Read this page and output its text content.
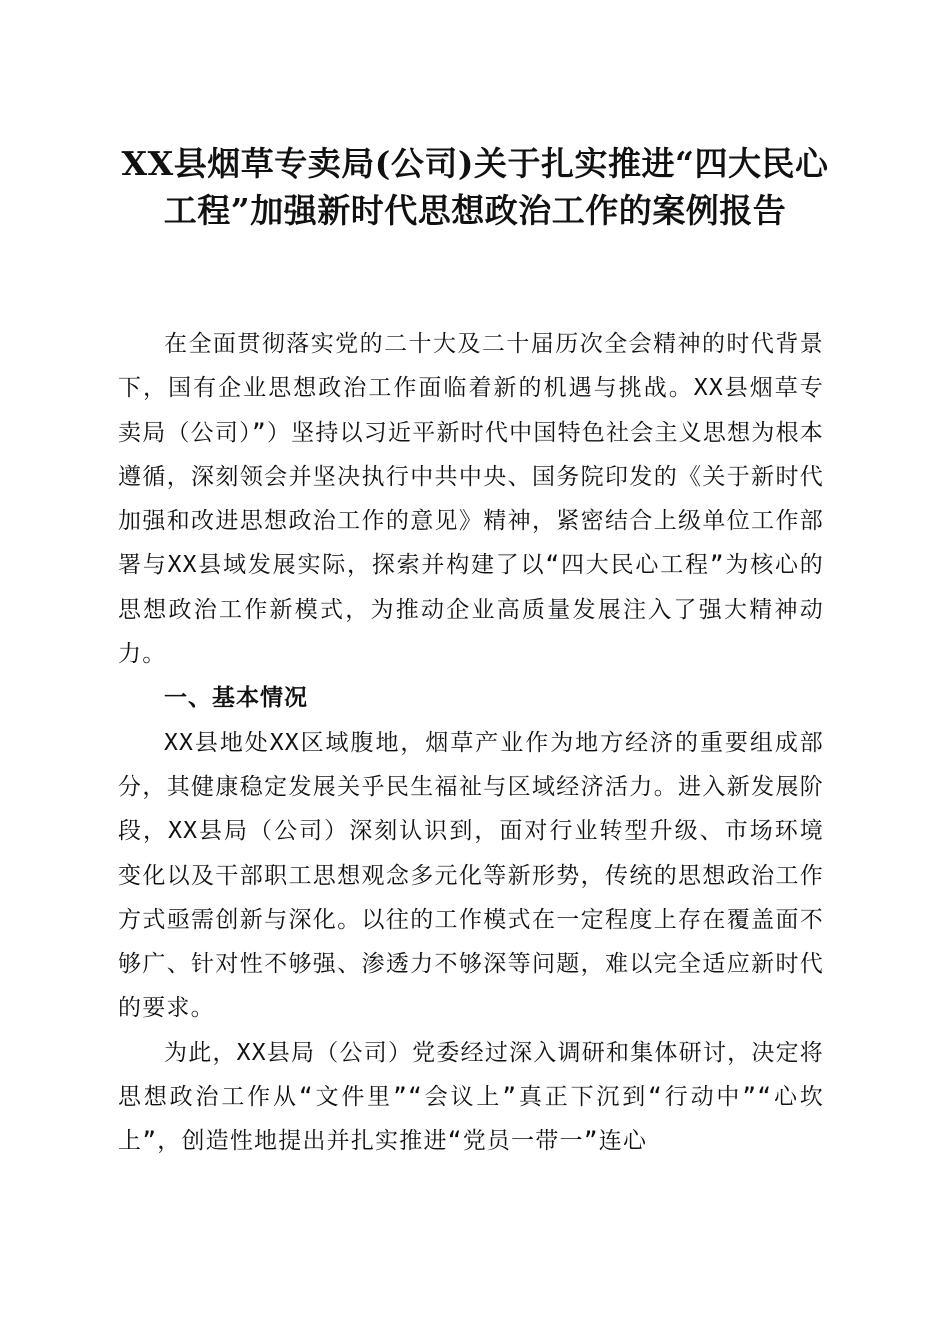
XX县烟草专卖局(公司)关于扎实推进“四大民心工程”加强新时代思想政治工作的案例报告

在全面贯彻落实党的二十大及二十届历次全会精神的时代背景下，国有企业思想政治工作面临着新的机遇与挑战。XX县烟草专卖局（公司）”）坚持以习近平新时代中国特色社会主义思想为根本遵循，深刻领会并坚决执行中共中央、国务院印发的《关于新时代加强和改进思想政治工作的意见》精神，紧密结合上级单位工作部署与XX县域发展实际，探索并构建了以“四大民心工程”为核心的思想政治工作新模式，为推动企业高质量发展注入了强大精神动力。

一、基本情况

XX县地处XX区域腹地，烟草产业作为地方经济的重要组成部分，其健康稳定发展关乎民生福祉与区域经济活力。进入新发展阶段，XX县局（公司）深刻认识到，面对行业转型升级、市场环境变化以及干部职工思想观念多元化等新形势，传统的思想政治工作方式亟需创新与深化。以往的工作模式在一定程度上存在覆盖面不够广、针对性不够强、渗透力不够深等问题，难以完全适应新时代的要求。

为此，XX县局（公司）党委经过深入调研和集体研讨，决定将思想政治工作从“文件里”“会议上”真正下沉到“行动中”“心坎上”，创造性地提出并扎实推进“党员一带一”连心
